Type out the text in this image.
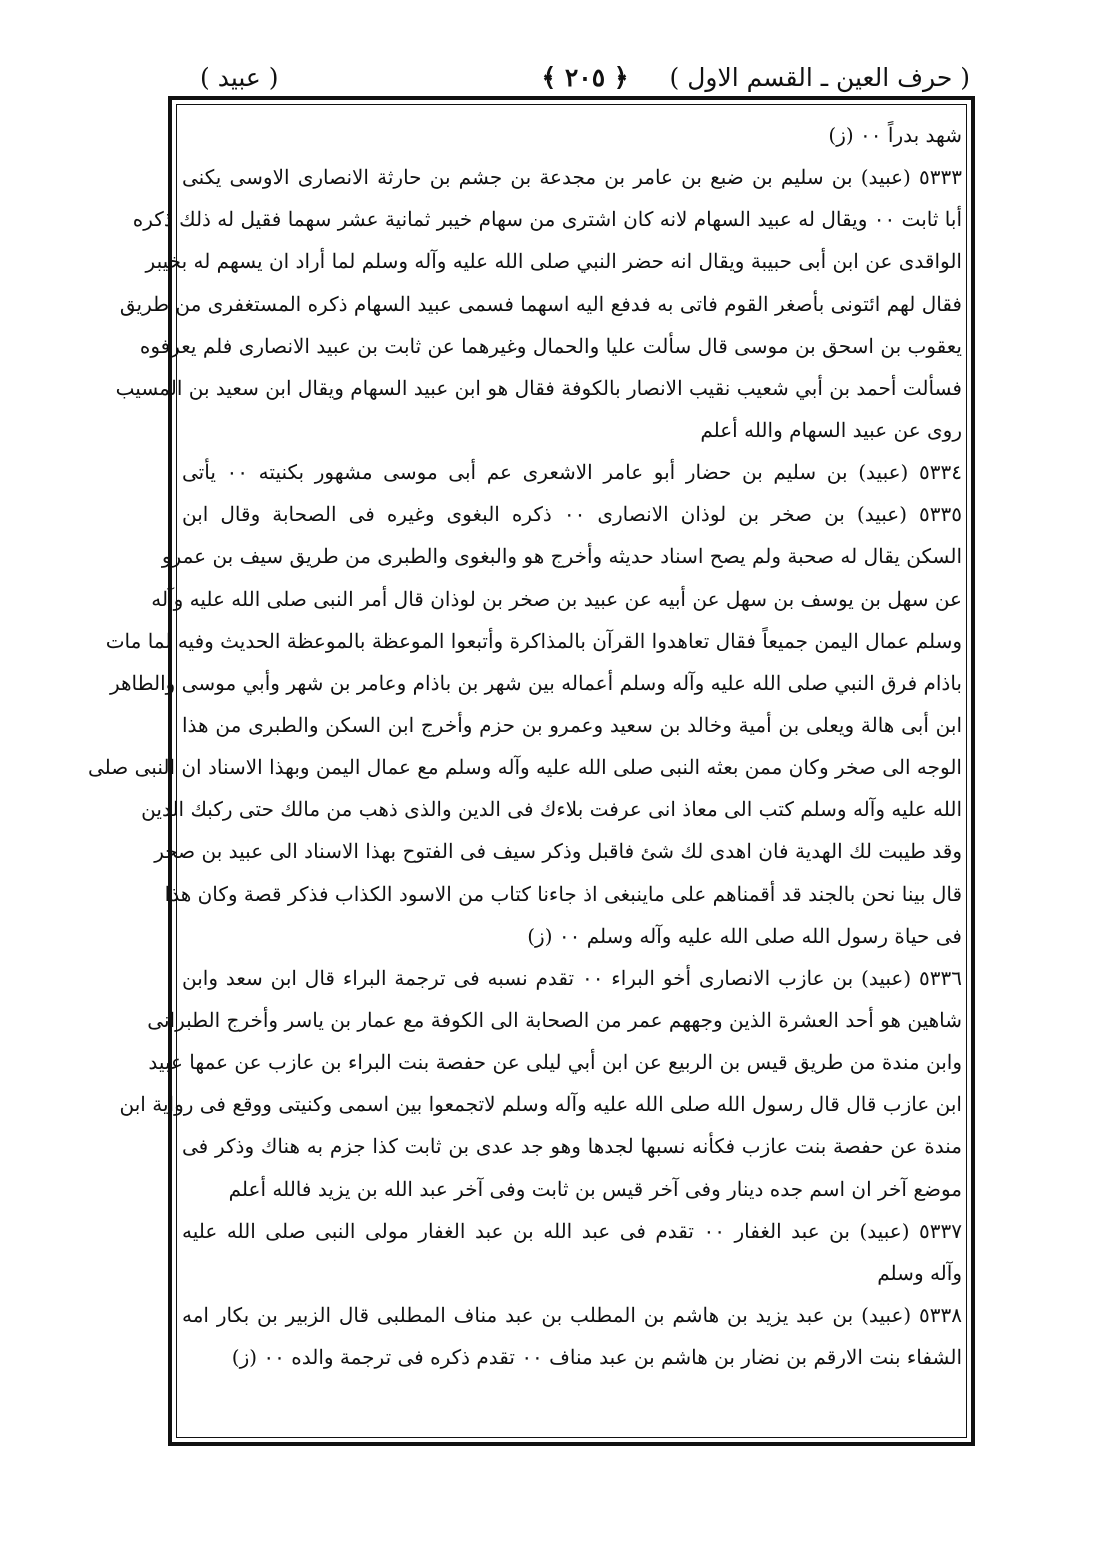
( حرف العين ـ القسم الاول )
﴿ ٢٠٥ ﴾
( عبيد )
شهد بدراً ٠٠ (ز)
٥٣٣٣ (عبيد) بن سليم بن ضبع بن عامر بن مجدعة بن جشم بن حارثة الانصارى الاوسى يكنى
أبا ثابت ٠٠ ويقال له عبيد السهام لانه كان اشترى من سهام خيبر ثمانية عشر سهما فقيل له ذلك ذكره
الواقدى عن ابن أبى حبيبة ويقال انه حضر النبي صلى الله عليه وآله وسلم لما أراد ان يسهم له بخيبر
فقال لهم ائتونى بأصغر القوم فاتى به فدفع اليه اسهما فسمى عبيد السهام ذكره المستغفرى من طريق
يعقوب بن اسحق بن موسى قال سألت عليا والحمال وغيرهما عن ثابت بن عبيد الانصارى فلم يعرفوه
فسألت أحمد بن أبي شعيب نقيب الانصار بالكوفة فقال هو ابن عبيد السهام ويقال ابن سعيد بن المسيب
روى عن عبيد السهام والله أعلم
٥٣٣٤ (عبيد) بن سليم بن حضار أبو عامر الاشعرى عم أبى موسى مشهور بكنيته ٠٠ يأتى
٥٣٣٥ (عبيد) بن صخر بن لوذان الانصارى ٠٠ ذكره البغوى وغيره فى الصحابة وقال ابن
السكن يقال له صحبة ولم يصح اسناد حديثه وأخرج هو والبغوى والطبرى من طريق سيف بن عمرو
عن سهل بن يوسف بن سهل عن أبيه عن عبيد بن صخر بن لوذان قال أمر النبى صلى الله عليه وآله
وسلم عمال اليمن جميعاً فقال تعاهدوا القرآن بالمذاكرة وأتبعوا الموعظة بالموعظة الحديث وفيه لما مات
باذام فرق النبي صلى الله عليه وآله وسلم أعماله بين شهر بن باذام وعامر بن شهر وأبي موسى والطاهر
ابن أبى هالة ويعلى بن أمية وخالد بن سعيد وعمرو بن حزم وأخرج ابن السكن والطبرى من هذا
الوجه الى صخر وكان ممن بعثه النبى صلى الله عليه وآله وسلم مع عمال اليمن وبهذا الاسناد ان النبى صلى
الله عليه وآله وسلم كتب الى معاذ انى عرفت بلاءك فى الدين والذى ذهب من مالك حتى ركبك الدين
وقد طيبت لك الهدية فان اهدى لك شئ فاقبل وذكر سيف فى الفتوح بهذا الاسناد الى عبيد بن صخر
قال بينا نحن بالجند قد أقمناهم على ماينبغى اذ جاءنا كتاب من الاسود الكذاب فذكر قصة وكان هذا
فى حياة رسول الله صلى الله عليه وآله وسلم ٠٠ (ز)
٥٣٣٦ (عبيد) بن عازب الانصارى أخو البراء ٠٠ تقدم نسبه فى ترجمة البراء قال ابن سعد وابن
شاهين هو أحد العشرة الذين وجههم عمر من الصحابة الى الكوفة مع عمار بن ياسر وأخرج الطبرانى
وابن مندة من طريق قيس بن الربيع عن ابن أبي ليلى عن حفصة بنت البراء بن عازب عن عمها عبيد
ابن عازب قال قال رسول الله صلى الله عليه وآله وسلم لاتجمعوا بين اسمى وكنيتى ووقع فى رواية ابن
مندة عن حفصة بنت عازب فكأنه نسبها لجدها وهو جد عدى بن ثابت كذا جزم به هناك وذكر فى
موضع آخر ان اسم جده دينار وفى آخر قيس بن ثابت وفى آخر عبد الله بن يزيد فالله أعلم
٥٣٣٧ (عبيد) بن عبد الغفار ٠٠ تقدم فى عبد الله بن عبد الغفار مولى النبى صلى الله عليه
وآله وسلم
٥٣٣٨ (عبيد) بن عبد يزيد بن هاشم بن المطلب بن عبد مناف المطلبى قال الزبير بن بكار امه
الشفاء بنت الارقم بن نضار بن هاشم بن عبد مناف ٠٠ تقدم ذكره فى ترجمة والده ٠٠ (ز)
